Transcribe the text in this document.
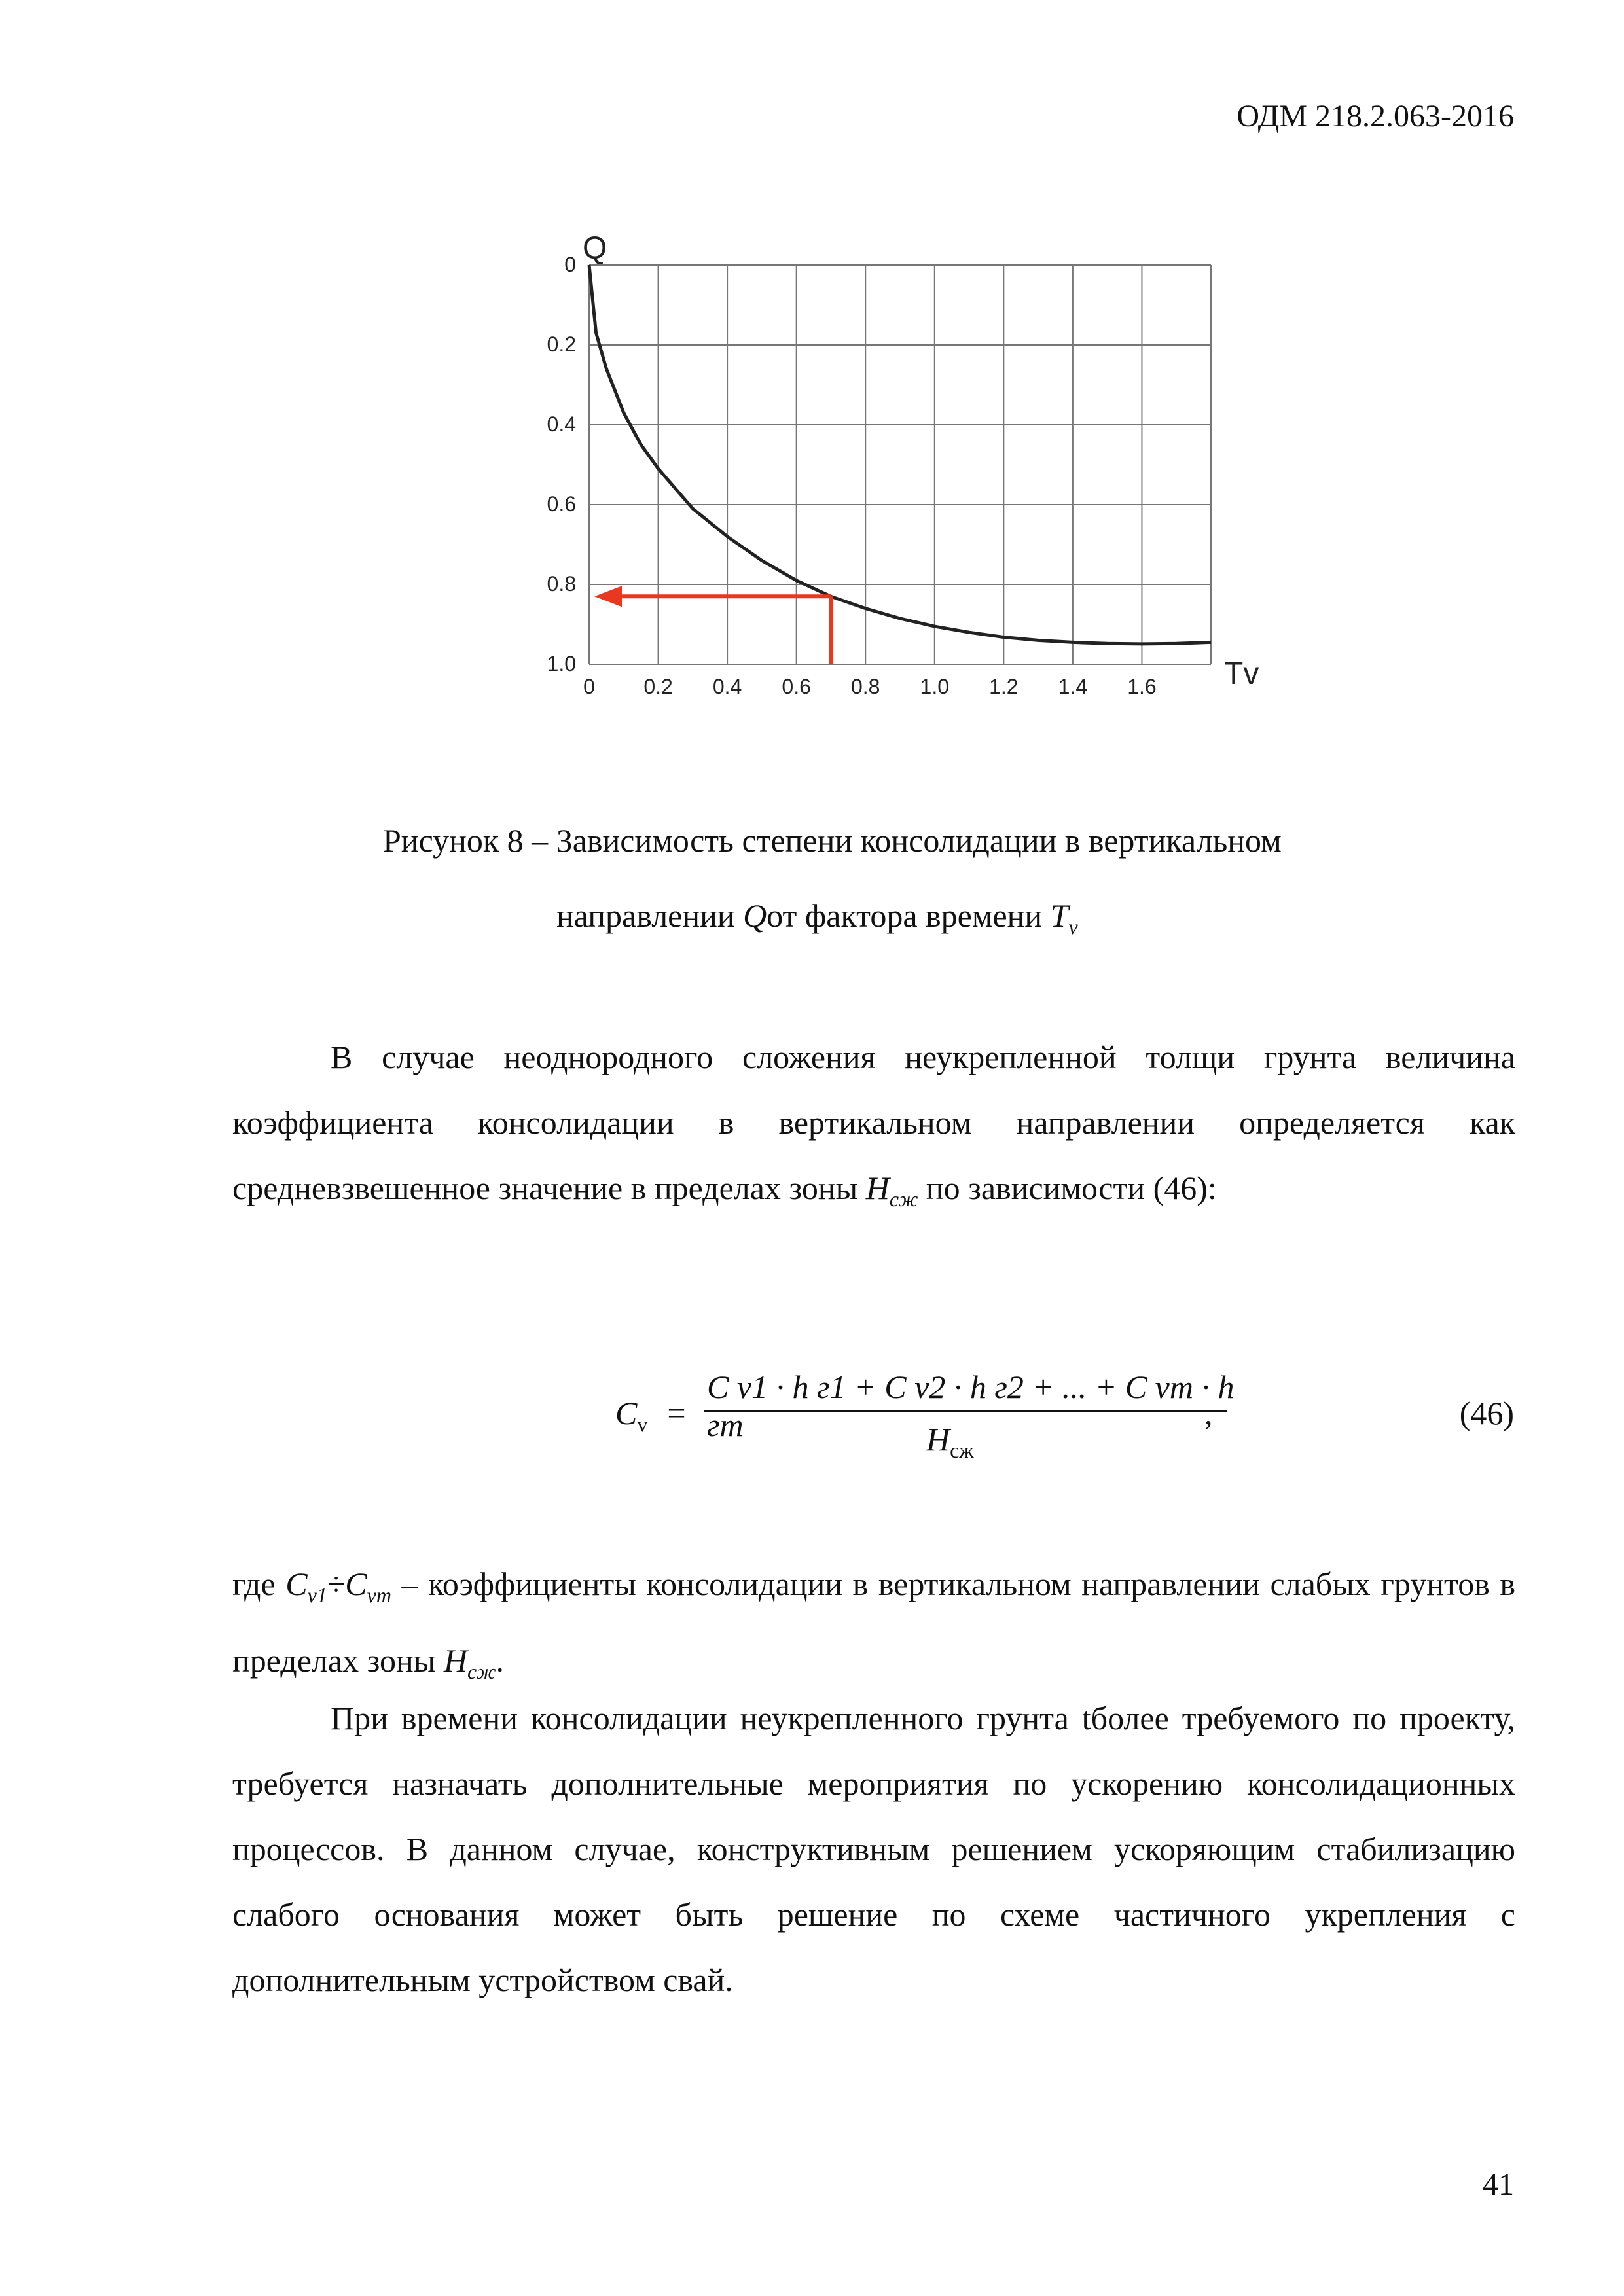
ОДМ 218.2.063-2016
0 0.2 0.4 0.6 0.8 1.0 1.2 1.4 1.6
0
0.2
0.4
0.6
0.8
1.0
Q
Tv
Рисунок 8 – Зависимость степени консолидации в вертикальном
направлении Qот фактора времени $T_v$
В случае неоднородного сложения неукрепленной толщи грунта величина коэффициента консолидации в вертикальном направлении определяется как средневзвешенное значение в пределах зоны $H_{сж}$ по зависимости (46):
$C_v$ =
C v1 · h г1 + C v2 · h г2 + ... + C vm · h гm	$H_{сж}$
,	(46)
где $C_{v1}\div C_{vm}$ – коэффициенты консолидации в вертикальном направлении слабых грунтов в пределах зоны $H_{сж}$.
При времени консолидации неукрепленного грунта tболее требуемого по проекту, требуется назначать дополнительные мероприятия по ускорению консолидационных процессов. В данном случае, конструктивным решением ускоряющим стабилизацию слабого основания может быть решение по схеме частичного укрепления с дополнительным устройством свай.
41
